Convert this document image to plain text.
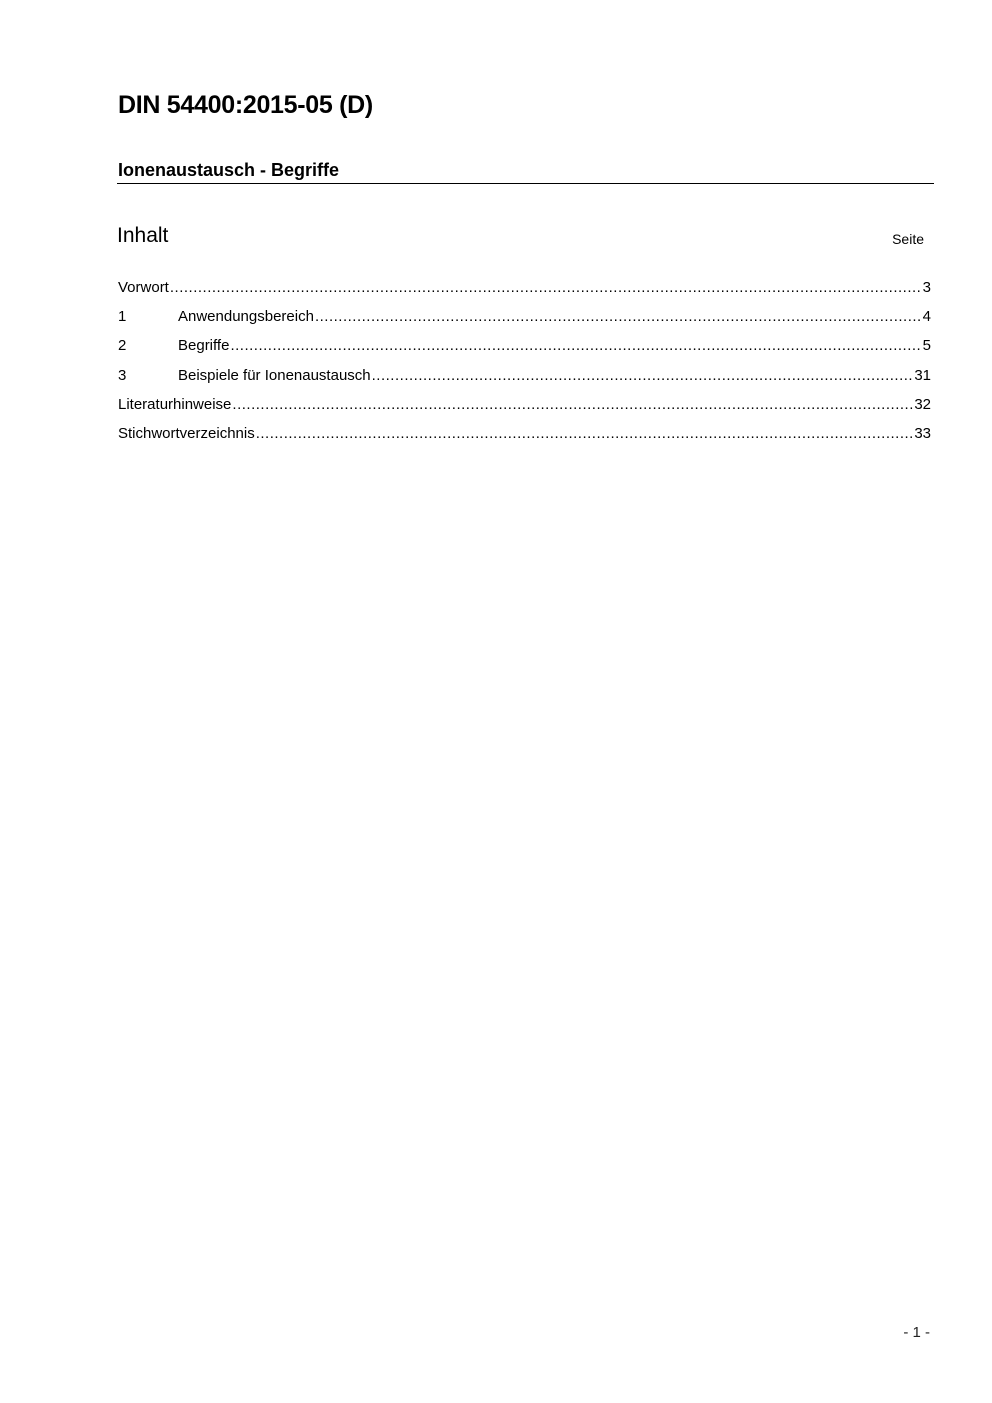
DIN 54400:2015-05 (D)
Ionenaustausch - Begriffe
Inhalt	Seite
Vorwort .....	3
1	Anwendungsbereich .....	4
2	Begriffe .....	5
3	Beispiele für Ionenaustausch .....	31
Literaturhinweise .....	32
Stichwortverzeichnis .....	33
- 1 -
